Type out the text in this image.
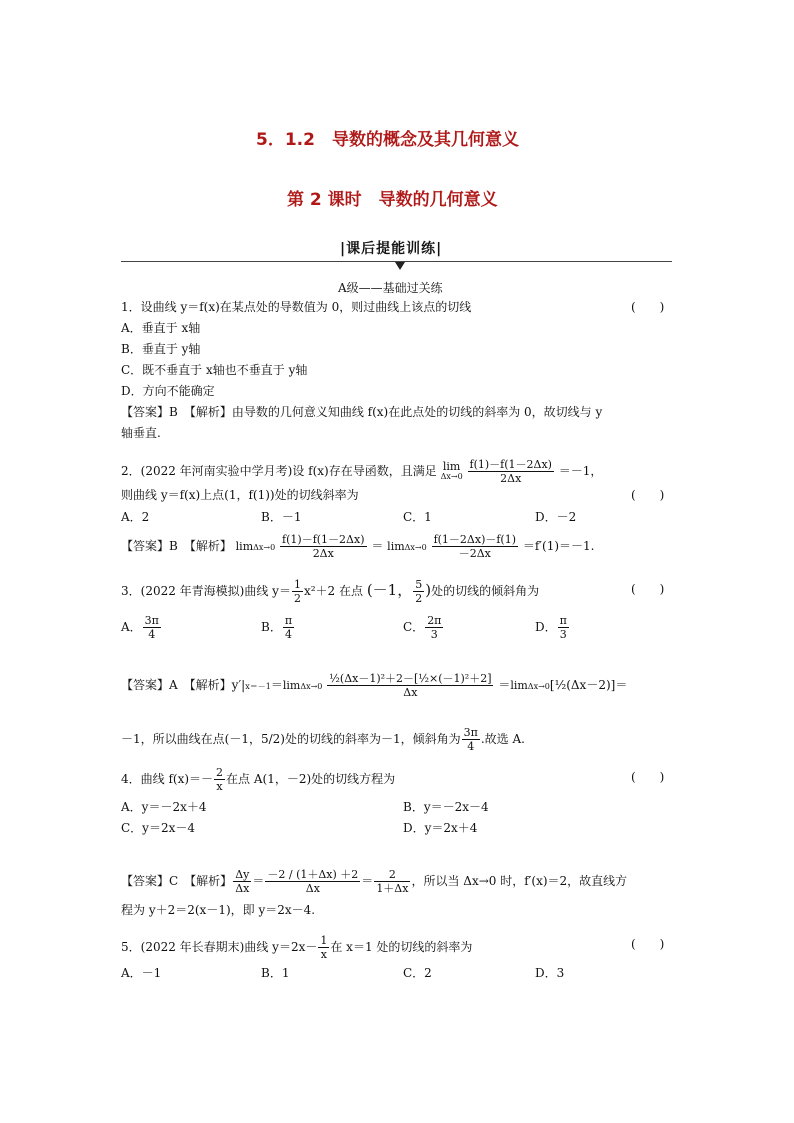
5．1.2　导数的概念及其几何意义
第 2 课时　导数的几何意义
|课后提能训练|
A级——基础过关练
1．设曲线 y＝f(x)在某点处的导数值为 0，则过曲线上该点的切线	(　　)
A．垂直于 x轴
B．垂直于 y轴
C．既不垂直于 x轴也不垂直于 y轴
D．方向不能确定
【答案】B　【解析】由导数的几何意义知曲线 f(x)在此点处的切线的斜率为 0，故切线与 y
轴垂直.
2．(2022 年河南实验中学月考)设 f(x)存在导函数，且满足 lim
Δx→0
$\frac{f(1)-f(1-2\Delta x)}{2\Delta x} =-1$，
则曲线 y＝f(x)上点(1，f(1))处的切线斜率为	(　　)
A．2	B．－1	C．1	D．－2
【答案】B　【解析】 $\lim\Delta x\to 0 \frac{f(1)-f(1-2\Delta x)}{2\Delta x} = \lim\Delta x\to 0 \frac{f(1-2\Delta x)-f(1)}{-2\Delta x} =f'(1)=-1$.
3．(2022 年青海模拟)曲线 $y= \frac{1}{2} x^2+2$ 在点 (－1， $\frac{5}{2}$ )处的切线的倾斜角为	(　　)
A． $\frac{3\pi}{4}$	B． $\frac{\pi}{4}$	C． $\frac{2\pi}{3}$	D． $\frac{\pi}{3}$
【答案】A　【解析】$y'|x=-1=\lim\Delta x\to 0 \frac{\text{½(Δx－1)²＋2－[½×(－1)²＋2]}}{\Delta x}$ ＝limΔx→0[½(Δx－2)]＝
－1，所以曲线在点(－1，5/2)处的切线的斜率为－1，倾斜角为 $\frac{3\pi}{4}$ .故选 A.
4．曲线 $f(x)=- \frac{2}{x}$ 在点 A(1，－2)处的切线方程为	(　　)
A．y＝－2x＋4	B．y＝－2x－4
C．y＝2x－4	D．y＝2x＋4
【答案】C　【解析】 $\frac{\Delta y}{\Delta x} = \frac{-2 / (1+\Delta x) +2}{\Delta x} = \frac{2}{1+\Delta x}$ ，所以当 Δx→0 时，f′(x)＝2，故直线方
程为 y＋2＝2(x－1)，即 y＝2x－4.
5．(2022 年长春期末)曲线 $y=2x- \frac{1}{x}$ 在 x＝1 处的切线的斜率为	(　　)
A．－1	B．1	C．2	D．3
